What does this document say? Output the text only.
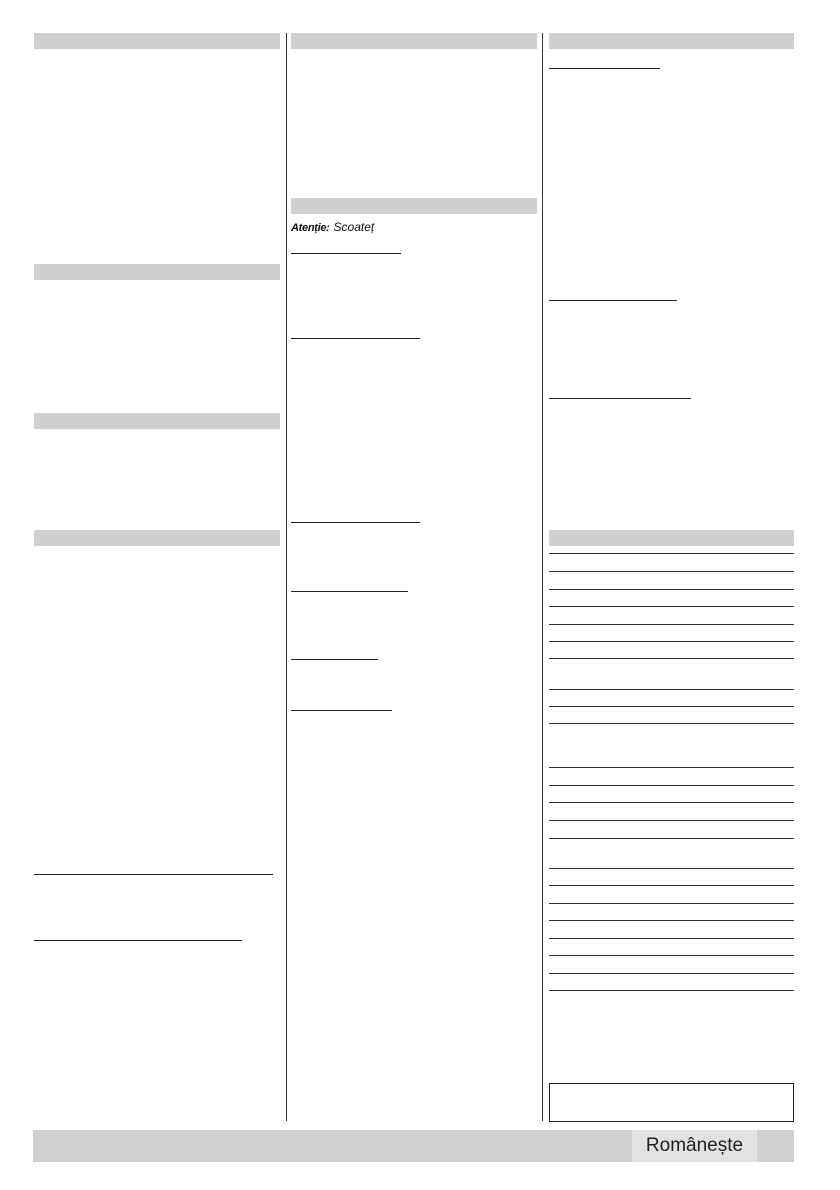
Atenție: Scoateț
Românește
